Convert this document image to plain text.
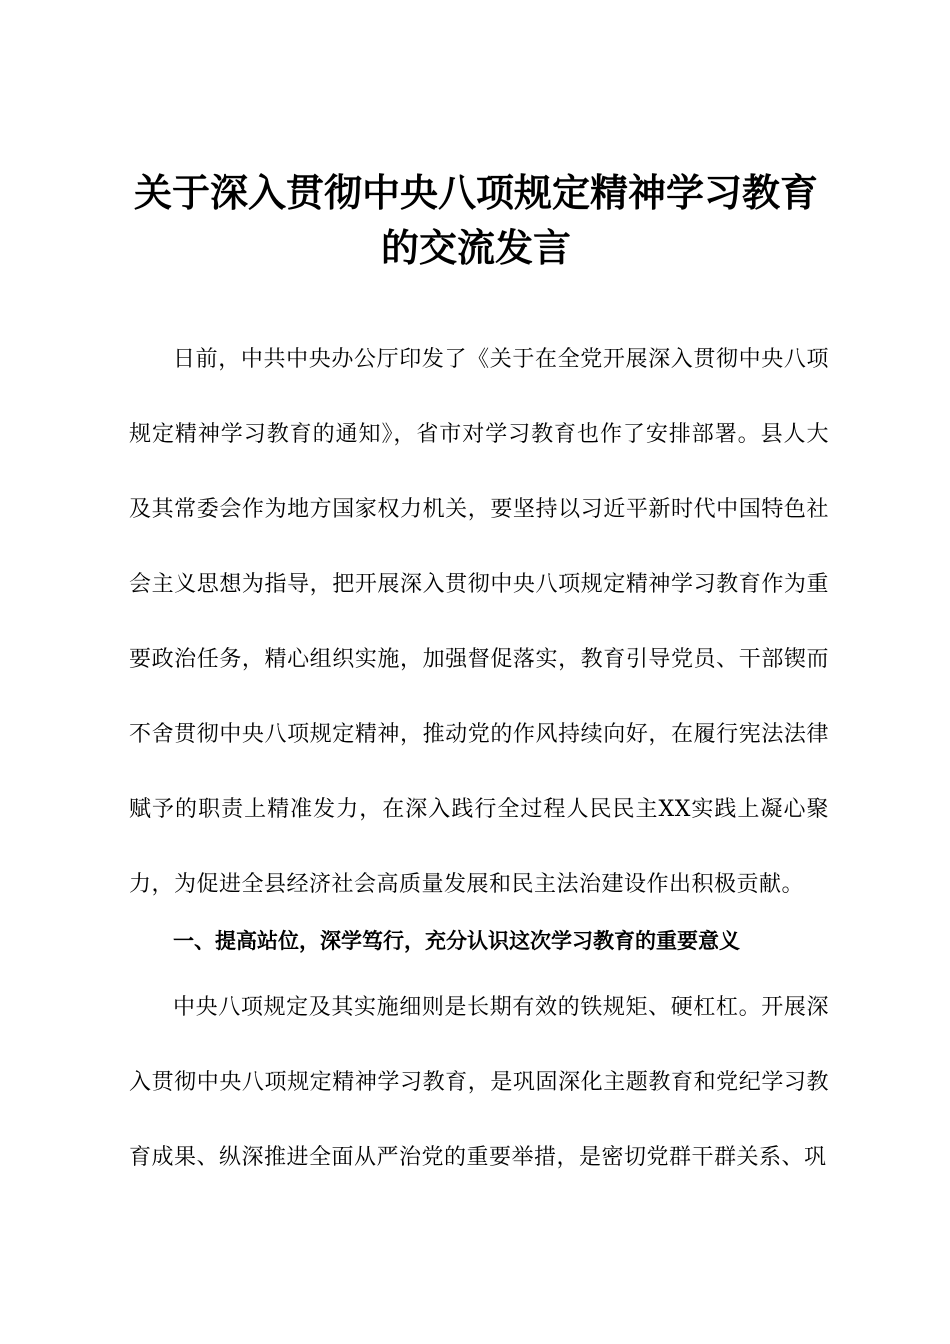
关于深入贯彻中央八项规定精神学习教育的交流发言

日前，中共中央办公厅印发了《关于在全党开展深入贯彻中央八项规定精神学习教育的通知》，省市对学习教育也作了安排部署。县人大及其常委会作为地方国家权力机关，要坚持以习近平新时代中国特色社会主义思想为指导，把开展深入贯彻中央八项规定精神学习教育作为重要政治任务，精心组织实施，加强督促落实，教育引导党员、干部锲而不舍贯彻中央八项规定精神，推动党的作风持续向好，在履行宪法法律赋予的职责上精准发力，在深入践行全过程人民民主XX实践上凝心聚力，为促进全县经济社会高质量发展和民主法治建设作出积极贡献。

一、提高站位，深学笃行，充分认识这次学习教育的重要意义

中央八项规定及其实施细则是长期有效的铁规矩、硬杠杠。开展深入贯彻中央八项规定精神学习教育，是巩固深化主题教育和党纪学习教育成果、纵深推进全面从严治党的重要举措，是密切党群干群关系、巩
